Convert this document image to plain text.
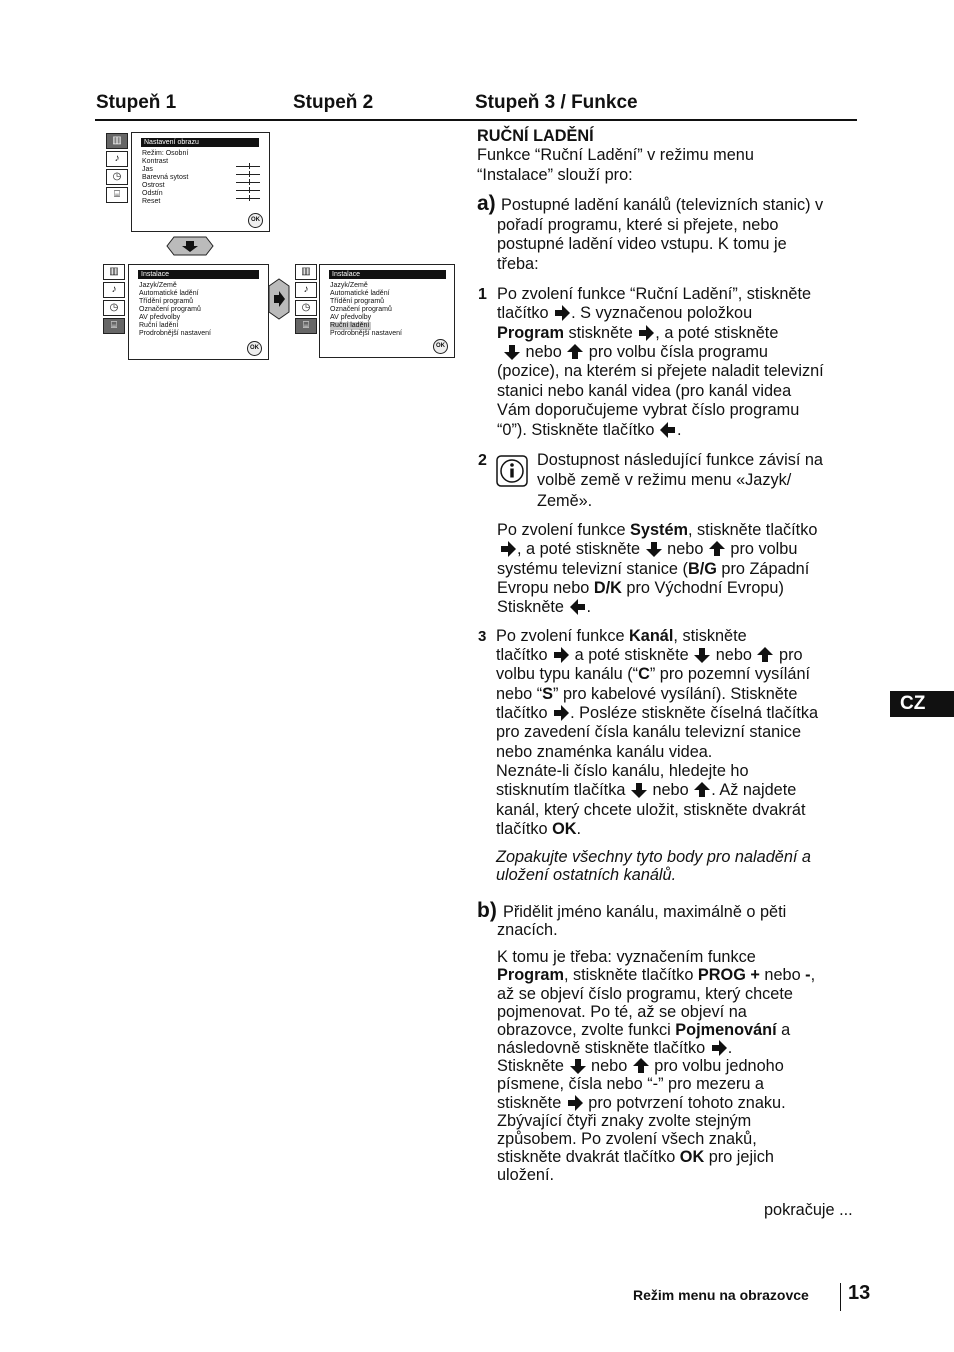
Stupeň 1	Stupeň 2	Stupeň 3 / Funkce
▥
♪
◷
⌸
Nastavení obrazu
Režim: Osobní
Kontrast
Jas
Barevná sytost
Ostrost
Odstín
Reset
OK
▥
♪
◷
⌸
Instalace
Jazyk/Země
Automatické ladění
Třídění programů
Označení programů
AV předvolby
Ruční ladění
Prodrobnější nastavení
OK
▥
♪
◷
⌸
Instalace
Jazyk/Země
Automatické ladění
Třídění programů
Označení programů
AV předvolby
Ruční ladění
Prodrobnější nastavení
OK
RUČNÍ LADĚNÍ
Funkce “Ruční Ladění” v režimu menu
“Instalace” slouží pro:
a) Postupné ladění kanálů (televizních stanic) v
pořadí programu, které si přejete, nebo
postupné ladění video vstupu. K tomu je
třeba:
1 Po zvolení funkce “Ruční Ladění”, stiskněte
tlačítko . S vyznačenou položkou
Program stiskněte , a poté stiskněte
nebo  pro volbu čísla programu
(pozice), na kterém si přejete naladit televizní
stanici nebo kanál videa (pro kanál videa
Vám doporučujeme vybrat číslo programu
“0”). Stiskněte tlačítko .
2	Dostupnost následující funkce závisí na
volbě země v režimu menu «Jazyk/
Země».
Po zvolení funkce Systém, stiskněte tlačítko
, a poté stiskněte  nebo  pro volbu
systému televizní stanice (B/G pro Západní
Evropu nebo D/K pro Východní Evropu)
Stiskněte .
3 Po zvolení funkce Kanál, stiskněte
tlačítko  a poté stiskněte  nebo  pro
volbu typu kanálu (“C” pro pozemní vysílání
nebo “S” pro kabelové vysílání). Stiskněte
tlačítko . Posléze stiskněte číselná tlačítka
pro zavedení čísla kanálu televizní stanice
nebo znaménka kanálu videa.
Neznáte-li číslo kanálu, hledejte ho
stisknutím tlačítka  nebo . Až najdete
kanál, který chcete uložit, stiskněte dvakrát
tlačítko OK.
Zopakujte všechny tyto body pro naladění a
uložení ostatních kanálů.
b) Přidělit jméno kanálu, maximálně o pěti
znacích.
K tomu je třeba: vyznačením funkce
Program, stiskněte tlačítko PROG + nebo -,
až se objeví číslo programu, který chcete
pojmenovat. Po té, až se objeví na
obrazovce, zvolte funkci Pojmenování a
následovně stiskněte tlačítko .
Stiskněte  nebo  pro volbu jednoho
písmene, čísla nebo “-” pro mezeru a
stiskněte  pro potvrzení tohoto znaku.
Zbývající čtyři znaky zvolte stejným
způsobem. Po zvolení všech znaků,
stiskněte dvakrát tlačítko OK pro jejich
uložení.
pokračuje ...
CZ
Režim menu na obrazovce 13
